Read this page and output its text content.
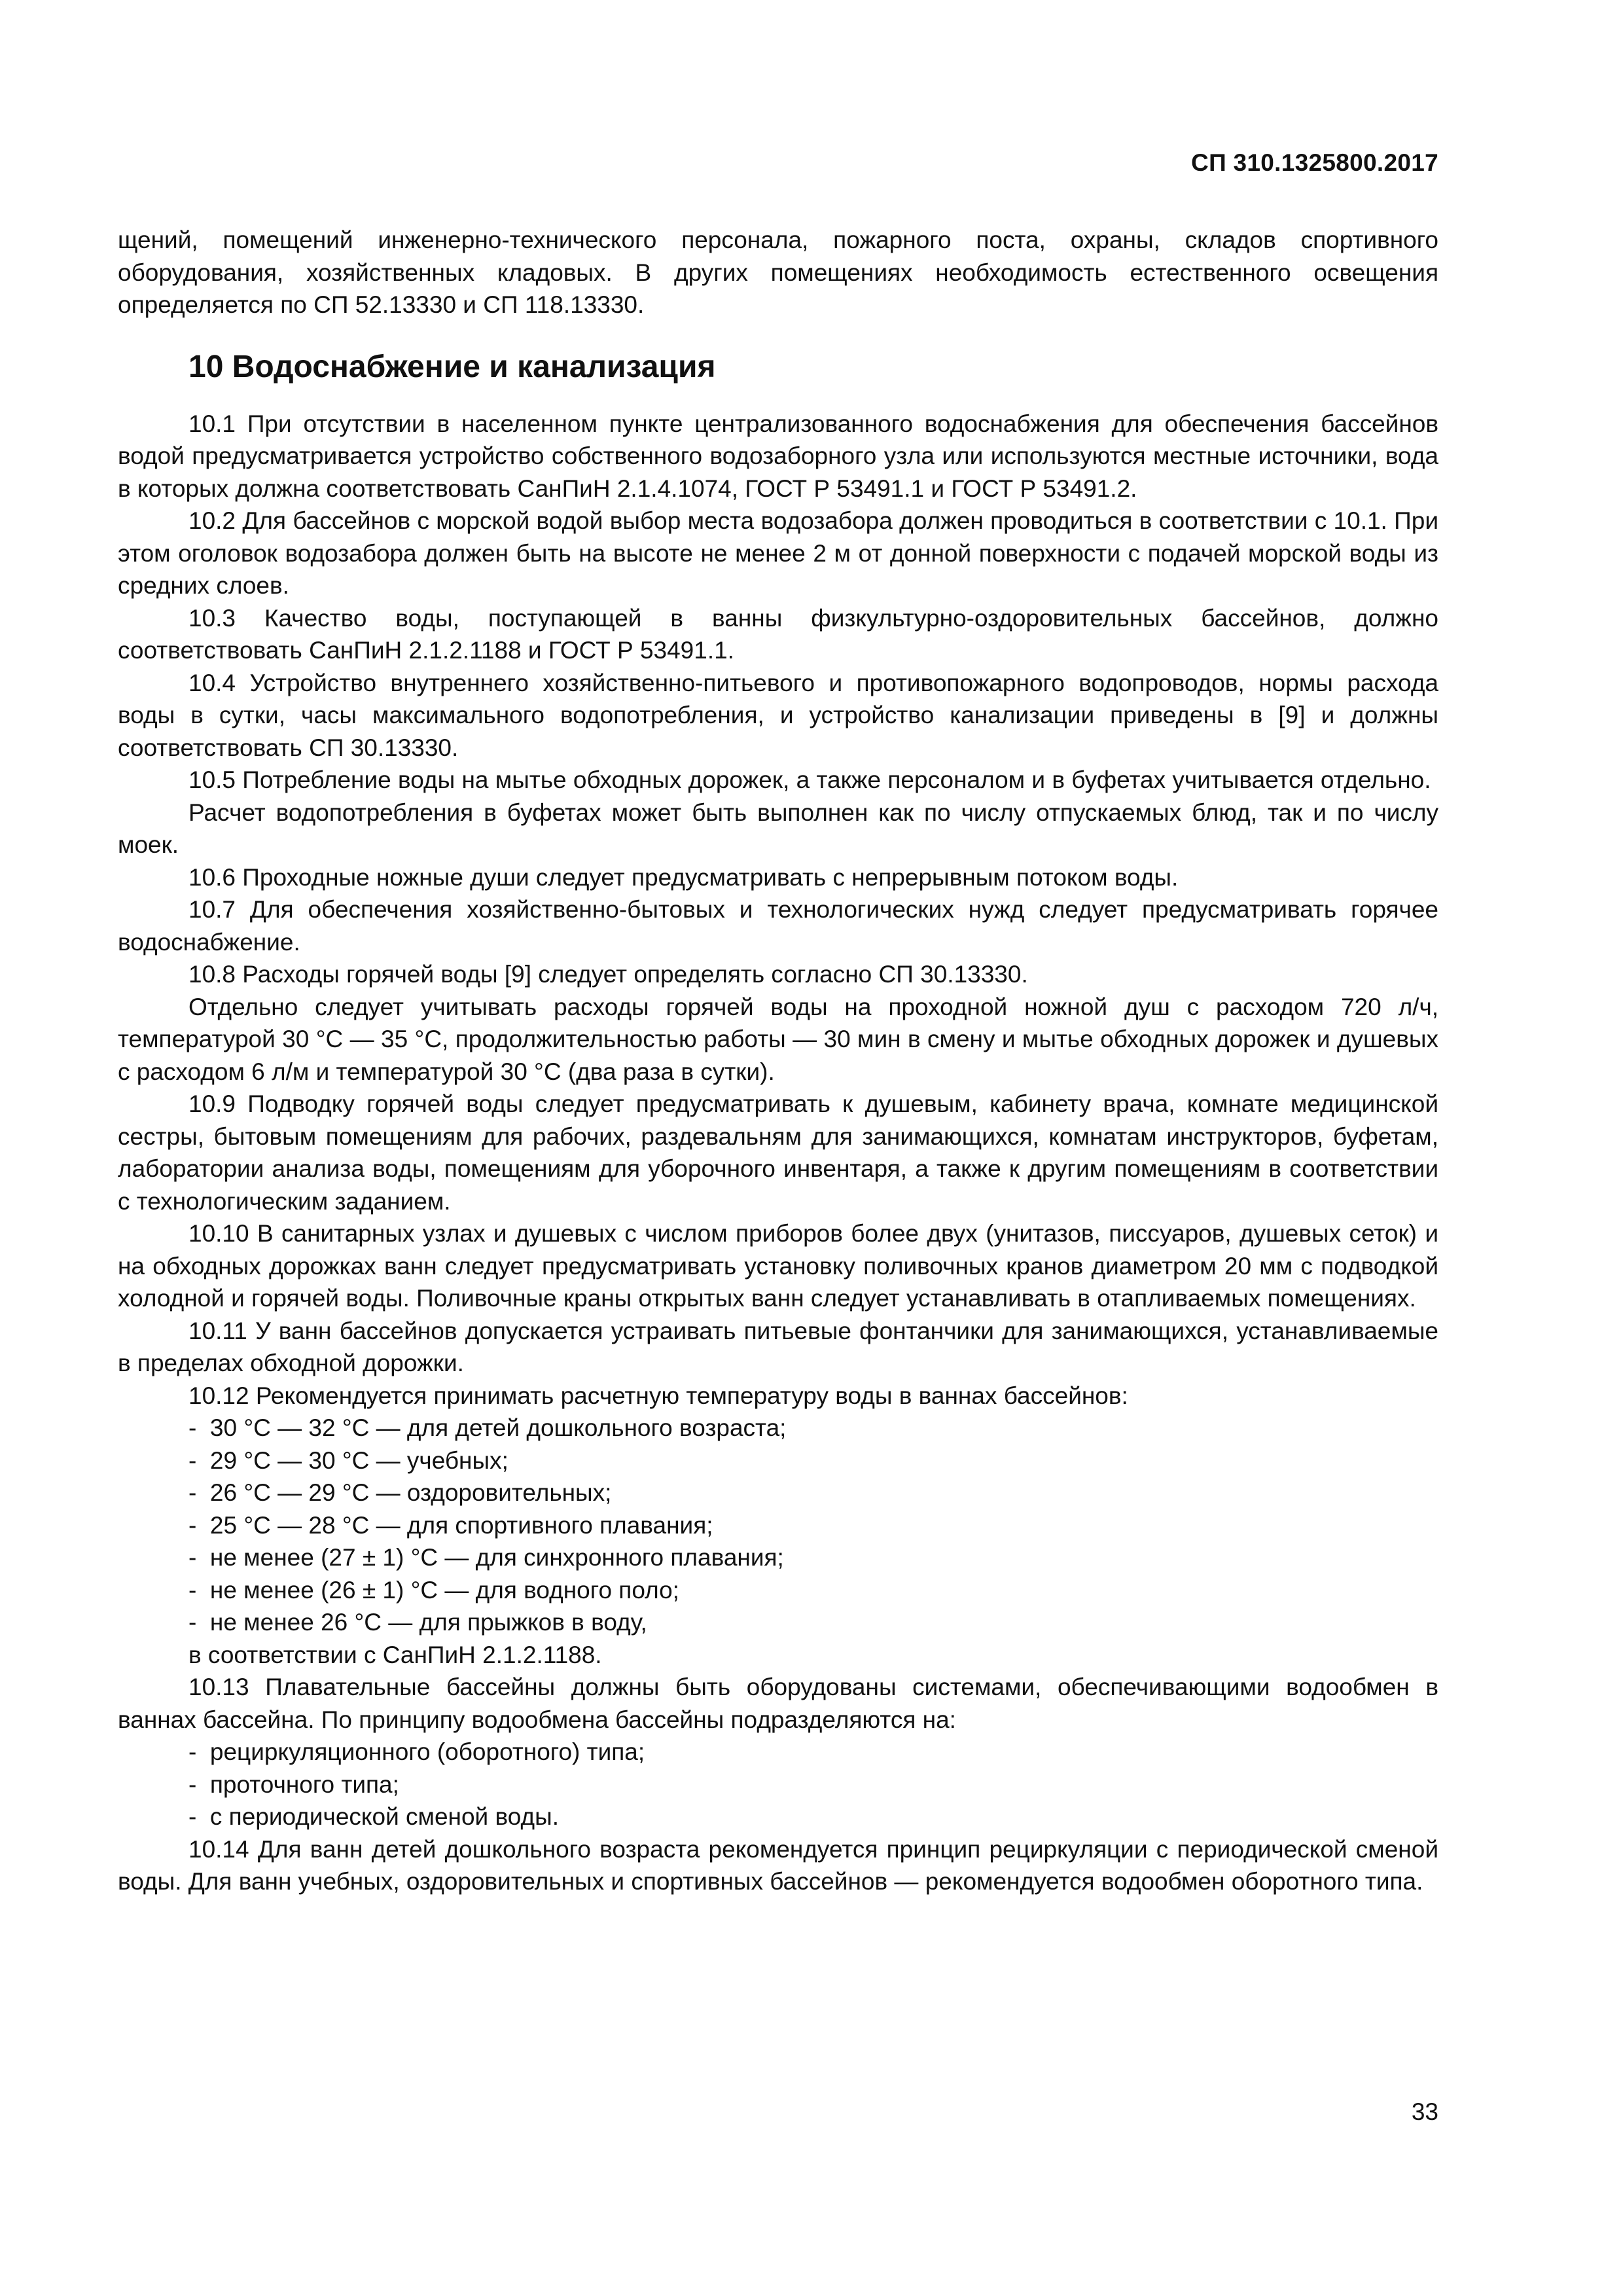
СП 310.1325800.2017

щений, помещений инженерно-технического персонала, пожарного поста, охраны, складов спортивного оборудования, хозяйственных кладовых. В других помещениях необходимость естественного освещения определяется по СП 52.13330 и СП 118.13330.

10 Водоснабжение и канализация

10.1 При отсутствии в населенном пункте централизованного водоснабжения для обеспечения бассейнов водой предусматривается устройство собственного водозаборного узла или используются местные источники, вода в которых должна соответствовать СанПиН 2.1.4.1074, ГОСТ Р 53491.1 и ГОСТ Р 53491.2.

10.2 Для бассейнов с морской водой выбор места водозабора должен проводиться в соответствии с 10.1. При этом оголовок водозабора должен быть на высоте не менее 2 м от донной поверхности с подачей морской воды из средних слоев.

10.3 Качество воды, поступающей в ванны физкультурно-оздоровительных бассейнов, должно соответствовать СанПиН 2.1.2.1188 и ГОСТ Р 53491.1.

10.4 Устройство внутреннего хозяйственно-питьевого и противопожарного водопроводов, нормы расхода воды в сутки, часы максимального водопотребления, и устройство канализации приведены в [9] и должны соответствовать СП 30.13330.

10.5 Потребление воды на мытье обходных дорожек, а также персоналом и в буфетах учитывается отдельно.

Расчет водопотребления в буфетах может быть выполнен как по числу отпускаемых блюд, так и по числу моек.

10.6 Проходные ножные души следует предусматривать с непрерывным потоком воды.

10.7 Для обеспечения хозяйственно-бытовых и технологических нужд следует предусматривать горячее водоснабжение.

10.8 Расходы горячей воды [9] следует определять согласно СП 30.13330.

Отдельно следует учитывать расходы горячей воды на проходной ножной душ с расходом 720 л/ч, температурой 30 °С — 35 °С, продолжительностью работы — 30 мин в смену и мытье обходных дорожек и душевых с расходом 6 л/м и температурой 30 °С (два раза в сутки).

10.9 Подводку горячей воды следует предусматривать к душевым, кабинету врача, комнате медицинской сестры, бытовым помещениям для рабочих, раздевальням для занимающихся, комнатам инструкторов, буфетам, лаборатории анализа воды, помещениям для уборочного инвентаря, а также к другим помещениям в соответствии с технологическим заданием.

10.10 В санитарных узлах и душевых с числом приборов более двух (унитазов, писсуаров, душевых сеток) и на обходных дорожках ванн следует предусматривать установку поливочных кранов диаметром 20 мм с подводкой холодной и горячей воды. Поливочные краны открытых ванн следует устанавливать в отапливаемых помещениях.

10.11 У ванн бассейнов допускается устраивать питьевые фонтанчики для занимающихся, устанавливаемые в пределах обходной дорожки.

10.12 Рекомендуется принимать расчетную температуру воды в ваннах бассейнов:

- 30 °С — 32 °С — для детей дошкольного возраста;

- 29 °С — 30 °С — учебных;

- 26 °С — 29 °С — оздоровительных;

- 25 °С — 28 °С — для спортивного плавания;

- не менее (27 ± 1) °С — для синхронного плавания;

- не менее (26 ± 1) °С — для водного поло;

- не менее 26 °С — для прыжков в воду,

в соответствии с СанПиН 2.1.2.1188.

10.13 Плавательные бассейны должны быть оборудованы системами, обеспечивающими водообмен в ваннах бассейна. По принципу водообмена бассейны подразделяются на:

- рециркуляционного (оборотного) типа;

- проточного типа;

- с периодической сменой воды.

10.14 Для ванн детей дошкольного возраста рекомендуется принцип рециркуляции с периодической сменой воды. Для ванн учебных, оздоровительных и спортивных бассейнов — рекомендуется водообмен оборотного типа.

33
